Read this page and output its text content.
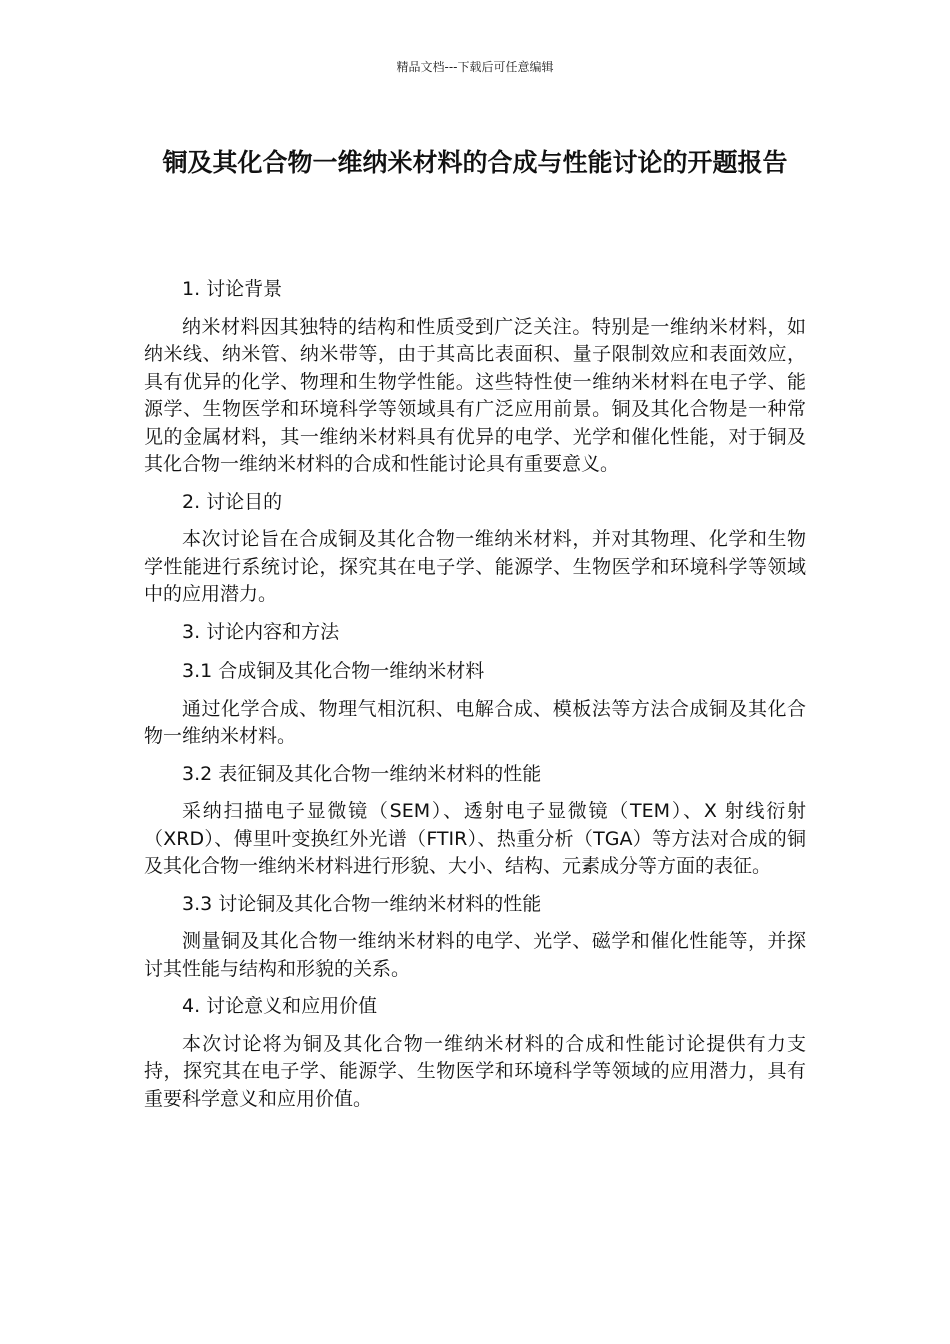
精品文档---下载后可任意编辑
铜及其化合物一维纳米材料的合成与性能讨论的开题报告

1. 讨论背景

纳米材料因其独特的结构和性质受到广泛关注。特别是一维纳米材料，如纳米线、纳米管、纳米带等，由于其高比表面积、量子限制效应和表面效应，具有优异的化学、物理和生物学性能。这些特性使一维纳米材料在电子学、能源学、生物医学和环境科学等领域具有广泛应用前景。铜及其化合物是一种常见的金属材料，其一维纳米材料具有优异的电学、光学和催化性能，对于铜及其化合物一维纳米材料的合成和性能讨论具有重要意义。

2. 讨论目的

本次讨论旨在合成铜及其化合物一维纳米材料，并对其物理、化学和生物学性能进行系统讨论，探究其在电子学、能源学、生物医学和环境科学等领域中的应用潜力。

3. 讨论内容和方法

3.1 合成铜及其化合物一维纳米材料

通过化学合成、物理气相沉积、电解合成、模板法等方法合成铜及其化合物一维纳米材料。

3.2 表征铜及其化合物一维纳米材料的性能

采纳扫描电子显微镜（SEM）、透射电子显微镜（TEM）、X 射线衍射（XRD）、傅里叶变换红外光谱（FTIR）、热重分析（TGA）等方法对合成的铜及其化合物一维纳米材料进行形貌、大小、结构、元素成分等方面的表征。

3.3 讨论铜及其化合物一维纳米材料的性能

测量铜及其化合物一维纳米材料的电学、光学、磁学和催化性能等，并探讨其性能与结构和形貌的关系。

4. 讨论意义和应用价值

本次讨论将为铜及其化合物一维纳米材料的合成和性能讨论提供有力支持，探究其在电子学、能源学、生物医学和环境科学等领域的应用潜力，具有重要科学意义和应用价值。
